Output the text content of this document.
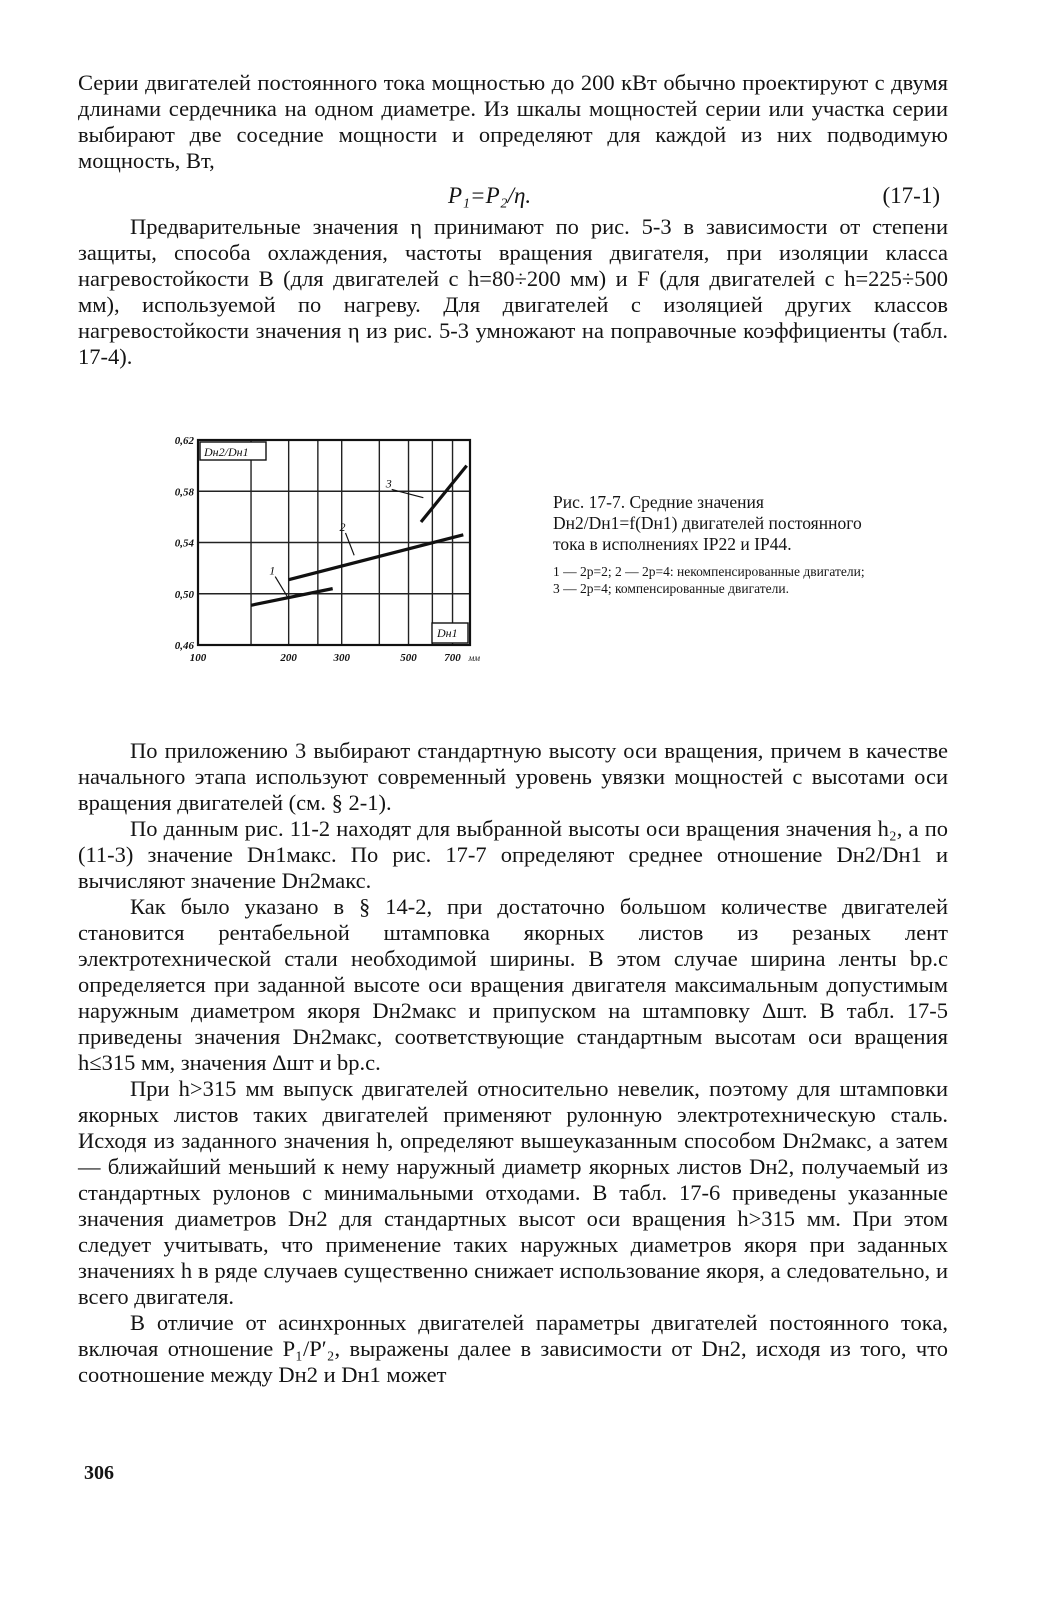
Серии двигателей постоянного тока мощностью до 200 кВт обычно проектируют с двумя длинами сердечника на одном диаметре. Из шкалы мощностей серии или участка серии выбирают две соседние мощности и определяют для каждой из них подводимую мощность, Вт,

P₁=P₂/η.	(17-1)

Предварительные значения η принимают по рис. 5-3 в зависимости от степени защиты, способа охлаждения, частоты вращения двигателя, при изоляции класса нагревостойкости B (для двигателей с h=80÷200 мм) и F (для двигателей с h=225÷500 мм), используемой по нагреву. Для двигателей с изоляцией других классов нагревостойкости значения η из рис. 5-3 умножают на поправочные коэффициенты (табл. 17-4).

0,62
0,58
0,54
0,50
0,46
100	200	300	500	700 мм
1
2
3
Dн2/Dн1
Dн1

Рис. 17-7. Средние значения Dн2/Dн1=f(Dн1) двигателей постоянного тока в исполнениях IP22 и IP44.

1 — 2p=2; 2 — 2p=4: некомпенсированные двигатели; 3 — 2p=4; компенсированные двигатели.

По приложению 3 выбирают стандартную высоту оси вращения, причем в качестве начального этапа используют современный уровень увязки мощностей с высотами оси вращения двигателей (см. § 2-1).

По данным рис. 11-2 находят для выбранной высоты оси вращения значения h₂, а по (11-3) значение Dн1макс. По рис. 17-7 определяют среднее отношение Dн2/Dн1 и вычисляют значение Dн2макс.

Как было указано в § 14-2, при достаточно большом количестве двигателей становится рентабельной штамповка якорных листов из резаных лент электротехнической стали необходимой ширины. В этом случае ширина ленты bр.с определяется при заданной высоте оси вращения двигателя максимальным допустимым наружным диаметром якоря Dн2макс и припуском на штамповку Δшт. В табл. 17-5 приведены значения Dн2макс, соответствующие стандартным высотам оси вращения h≤315 мм, значения Δшт и bр.с.

При h>315 мм выпуск двигателей относительно невелик, поэтому для штамповки якорных листов таких двигателей применяют рулонную электротехническую сталь. Исходя из заданного значения h, определяют вышеуказанным способом Dн2макс, а затем — ближайший меньший к нему наружный диаметр якорных листов Dн2, получаемый из стандартных рулонов с минимальными отходами. В табл. 17-6 приведены указанные значения диаметров Dн2 для стандартных высот оси вращения h>315 мм. При этом следует учитывать, что применение таких наружных диаметров якоря при заданных значениях h в ряде случаев существенно снижает использование якоря, а следовательно, и всего двигателя.

В отличие от асинхронных двигателей параметры двигателей постоянного тока, включая отношение P₁/P′₂, выражены далее в зависимости от Dн2, исходя из того, что соотношение между Dн2 и Dн1 может

306
